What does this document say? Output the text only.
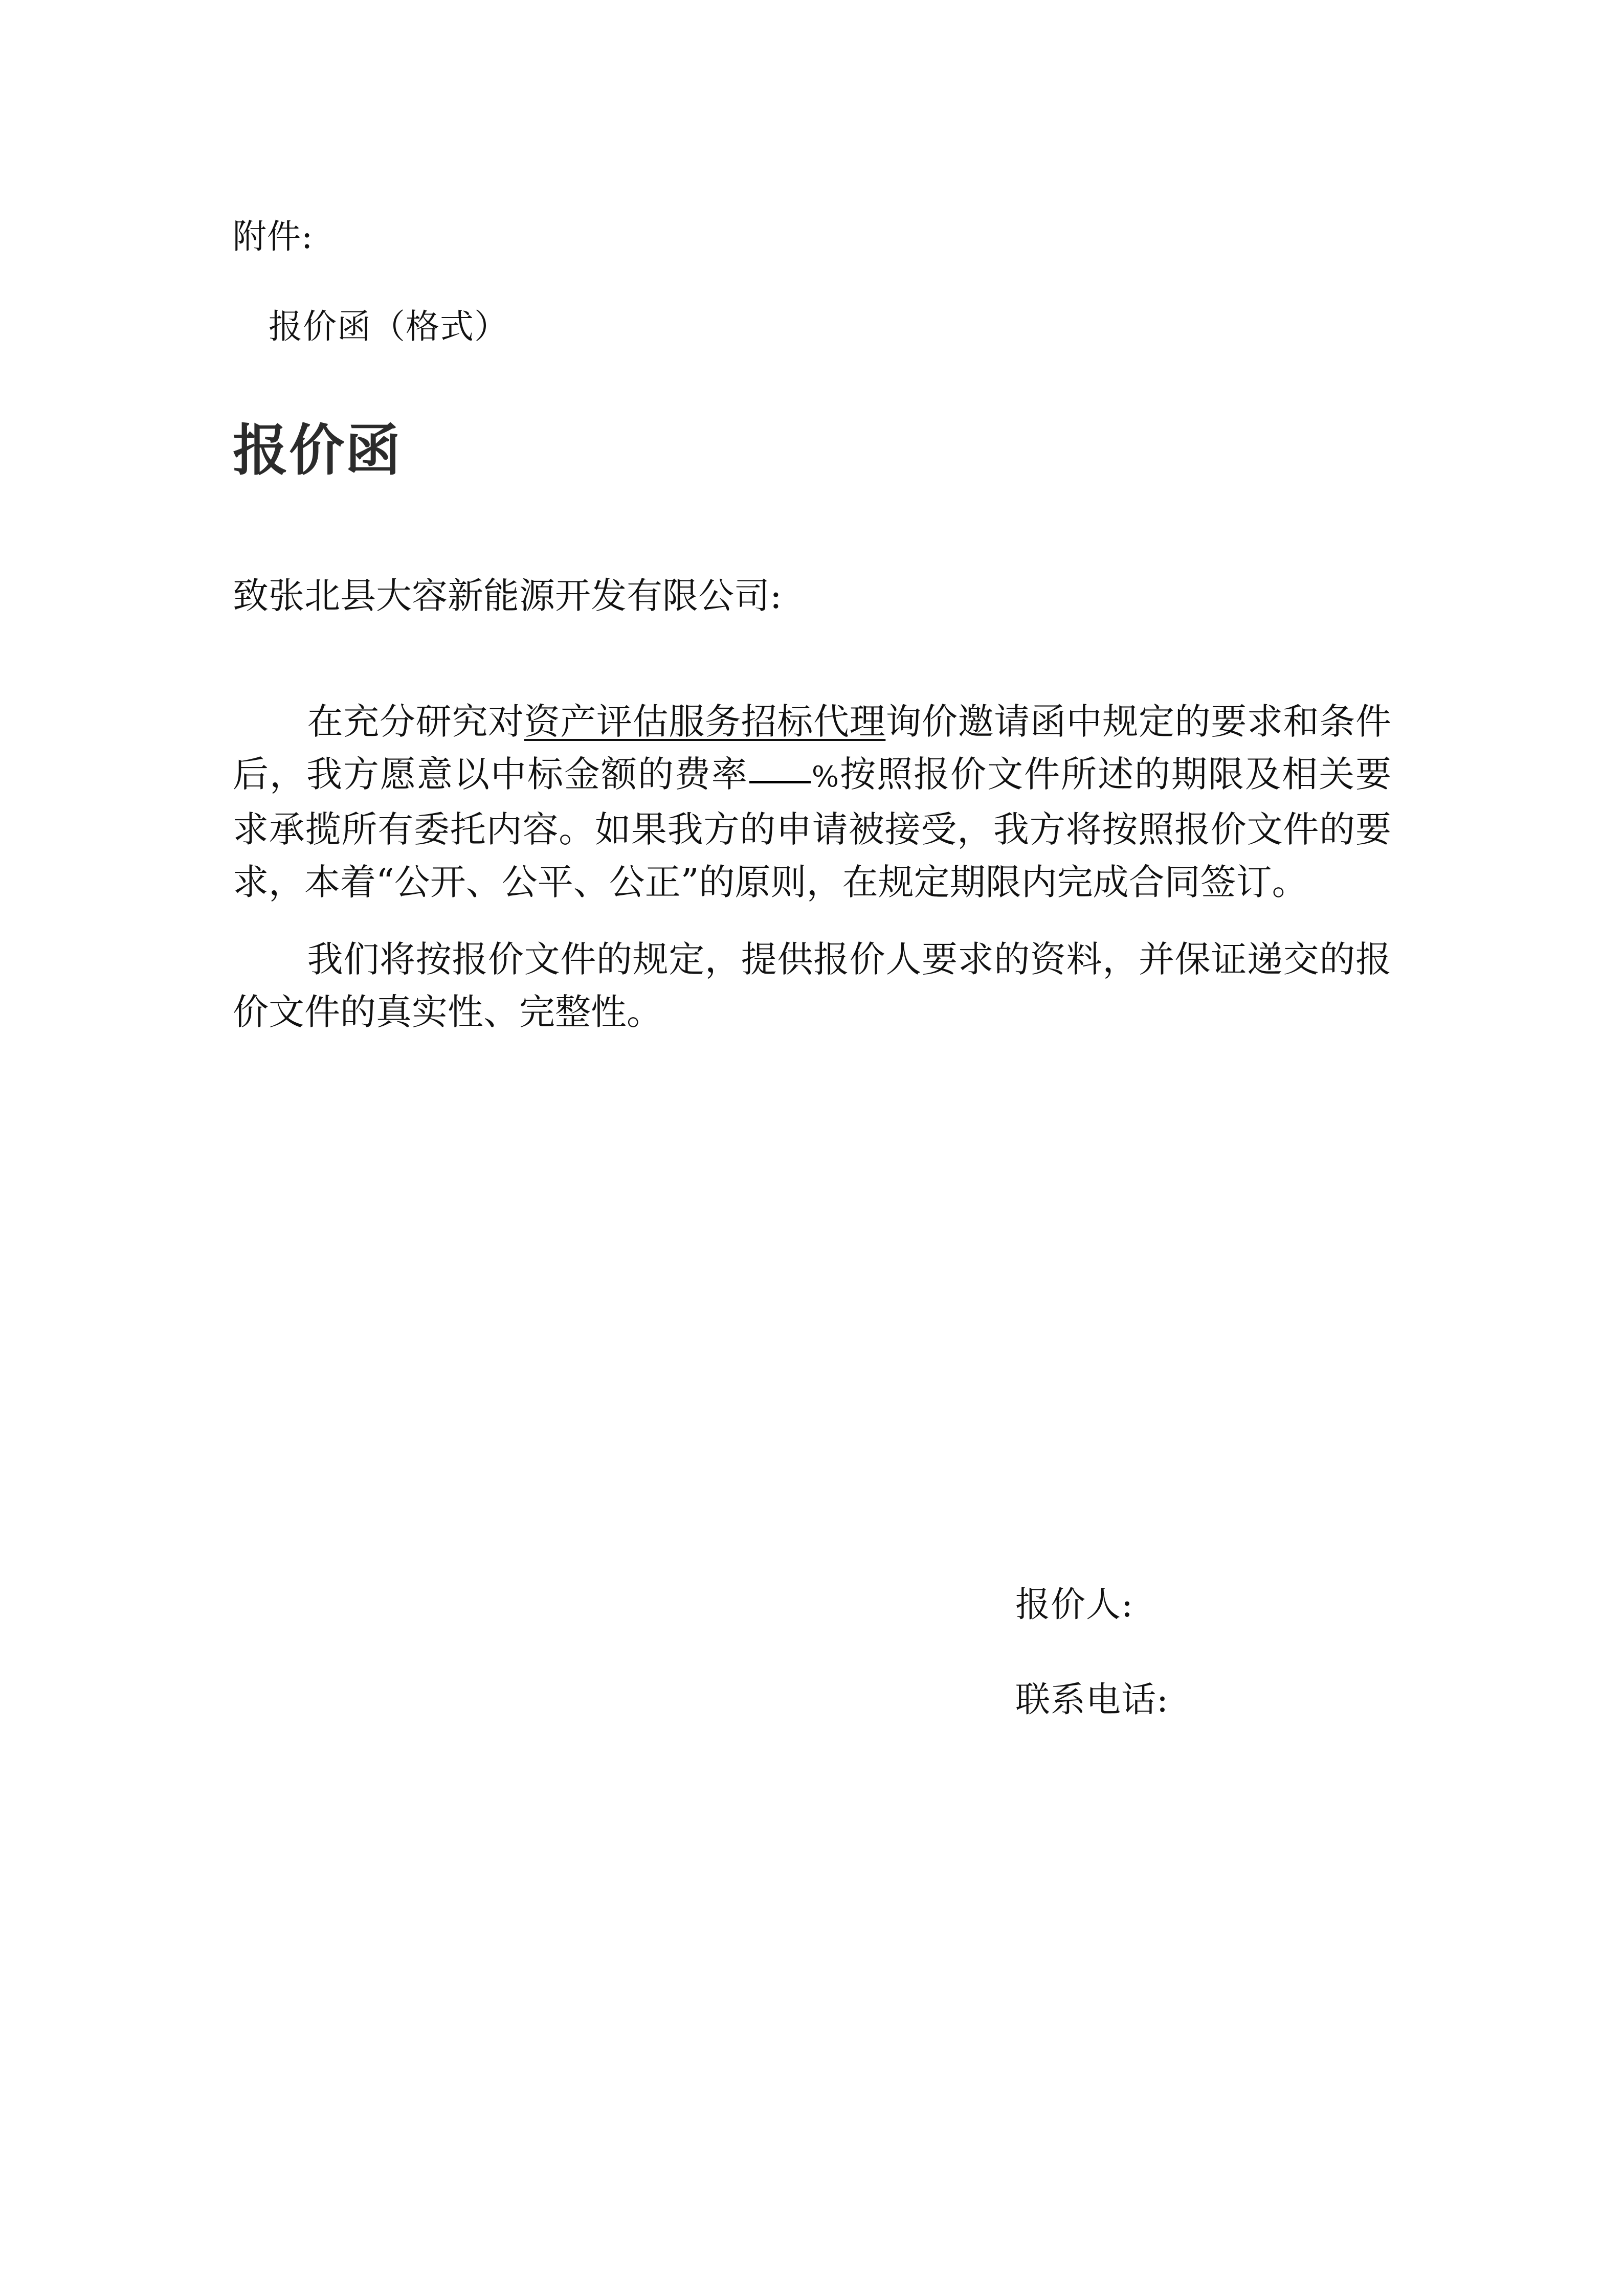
附件:

报价函（格式）

报价函

致张北县大容新能源开发有限公司:

在充分研究对资产评估服务招标代理询价邀请函中规定的要求和条件后，我方愿意以中标金额的费率 %按照报价文件所述的期限及相关要求承揽所有委托内容。如果我方的申请被接受，我方将按照报价文件的要求，本着“公开、公平、公正”的原则，在规定期限内完成合同签订。

我们将按报价文件的规定，提供报价人要求的资料，并保证递交的报价文件的真实性、完整性。

报价人:

联系电话:
